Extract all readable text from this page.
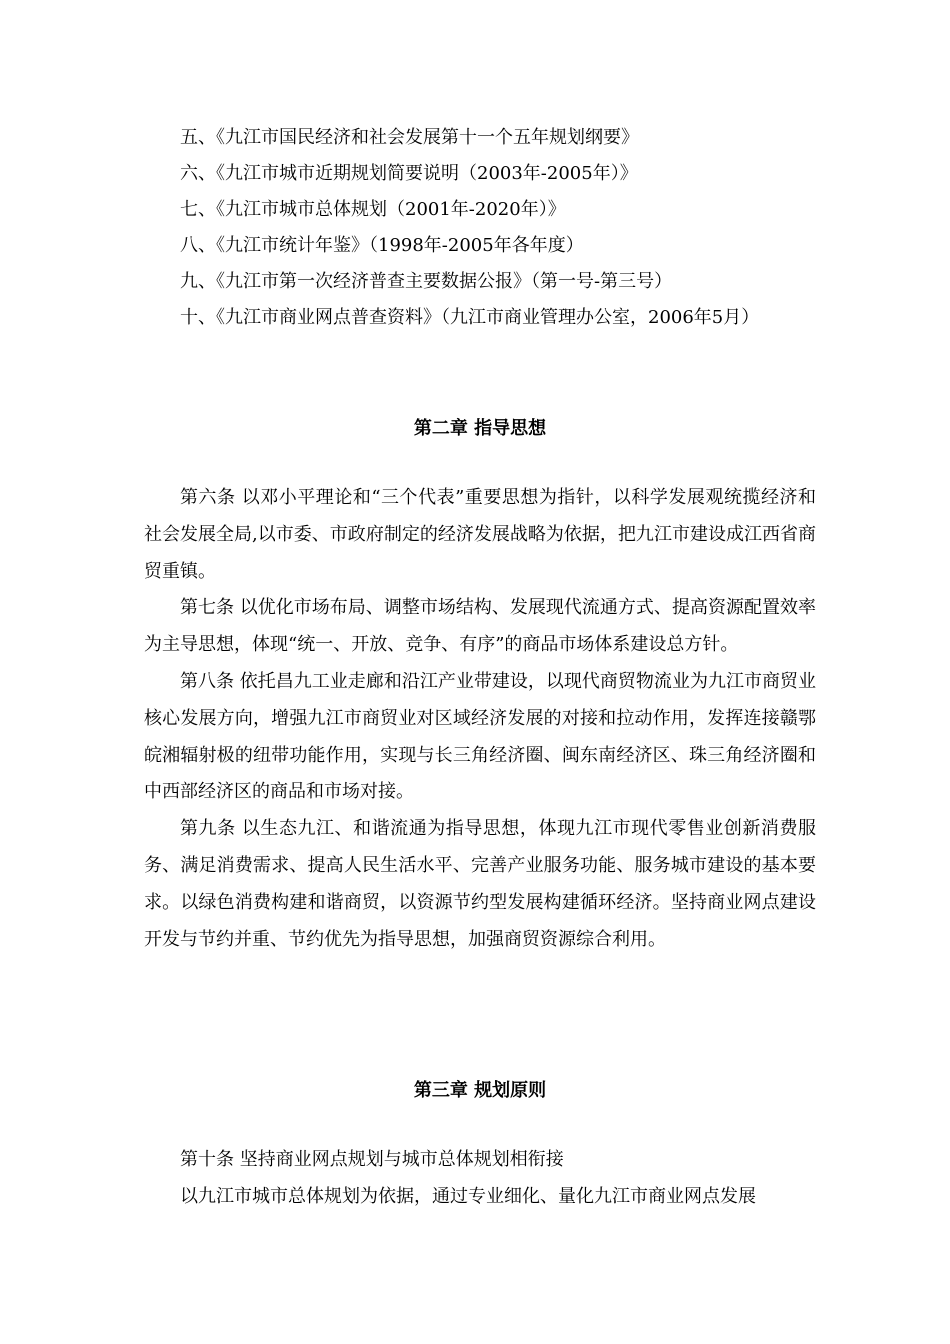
五、《九江市国民经济和社会发展第十一个五年规划纲要》
六、《九江市城市近期规划简要说明（2003年-2005年）》
七、《九江市城市总体规划（2001年-2020年）》
八、《九江市统计年鉴》（1998年-2005年各年度）
九、《九江市第一次经济普查主要数据公报》（第一号-第三号）
十、《九江市商业网点普查资料》（九江市商业管理办公室，2006年5月）
第二章 指导思想

第六条 以邓小平理论和“三个代表”重要思想为指针，以科学发展观统揽经济和社会发展全局,以市委、市政府制定的经济发展战略为依据，把九江市建设成江西省商贸重镇。

第七条 以优化市场布局、调整市场结构、发展现代流通方式、提高资源配置效率为主导思想，体现“统一、开放、竞争、有序”的商品市场体系建设总方针。

第八条 依托昌九工业走廊和沿江产业带建设，以现代商贸物流业为九江市商贸业核心发展方向，增强九江市商贸业对区域经济发展的对接和拉动作用，发挥连接赣鄂皖湘辐射极的纽带功能作用，实现与长三角经济圈、闽东南经济区、珠三角经济圈和中西部经济区的商品和市场对接。

第九条 以生态九江、和谐流通为指导思想，体现九江市现代零售业创新消费服务、满足消费需求、提高人民生活水平、完善产业服务功能、服务城市建设的基本要求。以绿色消费构建和谐商贸，以资源节约型发展构建循环经济。坚持商业网点建设开发与节约并重、节约优先为指导思想，加强商贸资源综合利用。

第三章 规划原则

第十条 坚持商业网点规划与城市总体规划相衔接

以九江市城市总体规划为依据，通过专业细化、量化九江市商业网点发展
